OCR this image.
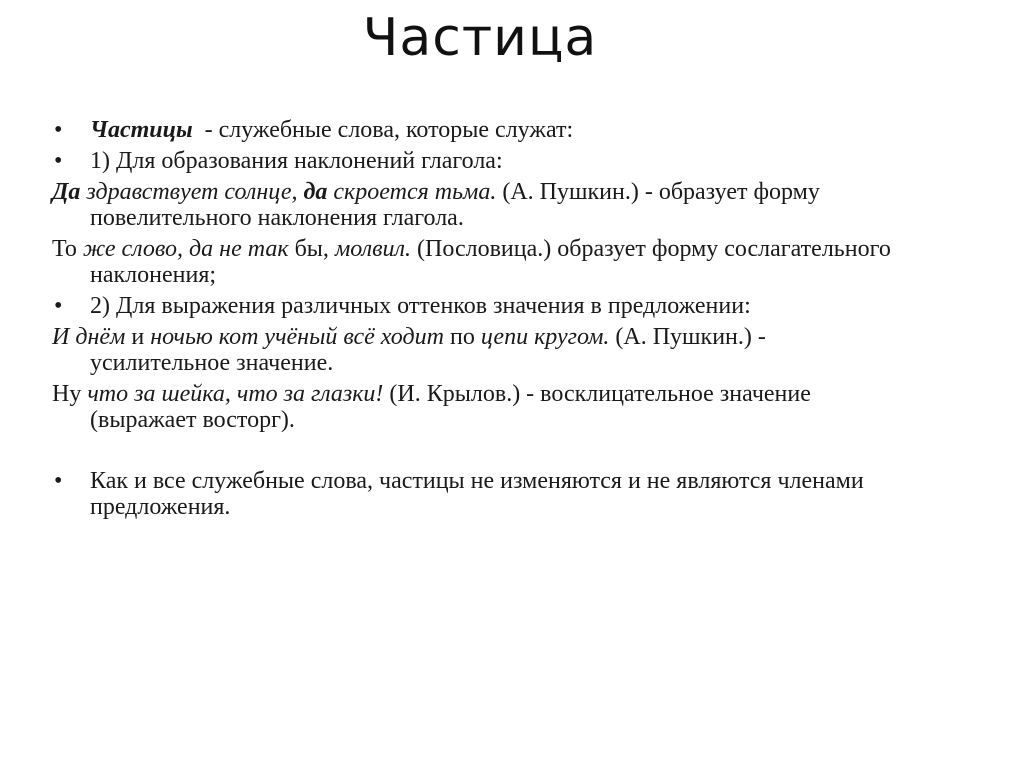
Частица
• Частицы  - служебные слова, которые служат:
• 1) Для образования наклонений глагола:

Да здравствует солнце, да скроется тьма. (А. Пушкин.) - образует форму повелительного наклонения глагола.

То же слово, да не так бы, молвил. (Пословица.) образует форму сослагательного наклонения;

• 2) Для выражения различных оттенков значения в предложении:

И днём и ночью кот учёный всё ходит по цепи кругом. (А. Пушкин.) - усилительное значение.

Ну что за шейка, что за глазки! (И. Крылов.) - восклицательное значение (выражает восторг).

• Как и все служебные слова, частицы не изменяются и не являются членами предложения.
